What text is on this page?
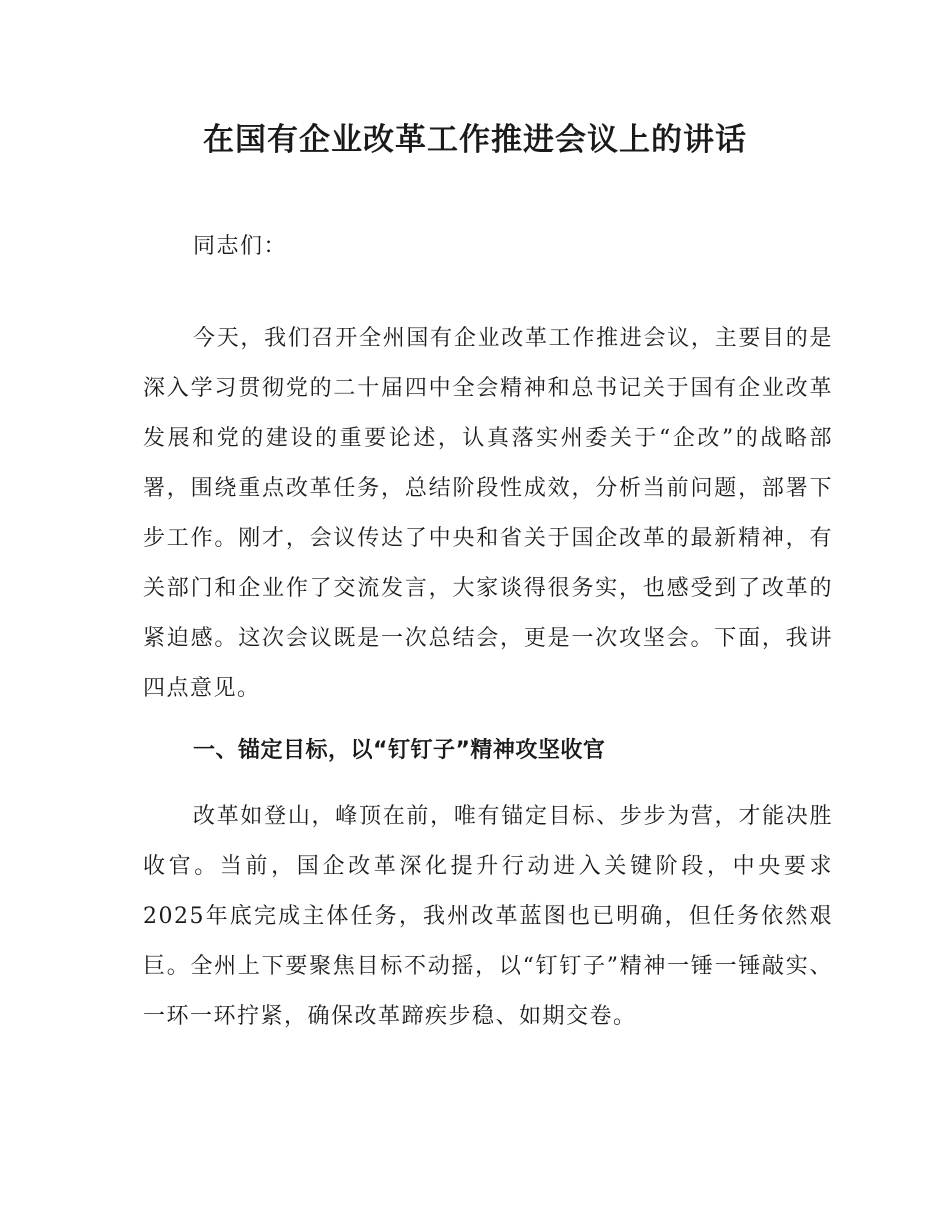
在国有企业改革工作推进会议上的讲话

同志们：

今天，我们召开全州国有企业改革工作推进会议，主要目的是深入学习贯彻党的二十届四中全会精神和总书记关于国有企业改革发展和党的建设的重要论述，认真落实州委关于“企改”的战略部署，围绕重点改革任务，总结阶段性成效，分析当前问题，部署下步工作。刚才，会议传达了中央和省关于国企改革的最新精神，有关部门和企业作了交流发言，大家谈得很务实，也感受到了改革的紧迫感。这次会议既是一次总结会，更是一次攻坚会。下面，我讲四点意见。

一、锚定目标，以“钉钉子”精神攻坚收官

改革如登山，峰顶在前，唯有锚定目标、步步为营，才能决胜收官。当前，国企改革深化提升行动进入关键阶段，中央要求2025年底完成主体任务，我州改革蓝图也已明确，但任务依然艰巨。全州上下要聚焦目标不动摇，以“钉钉子”精神一锤一锤敲实、一环一环拧紧，确保改革蹄疾步稳、如期交卷。
